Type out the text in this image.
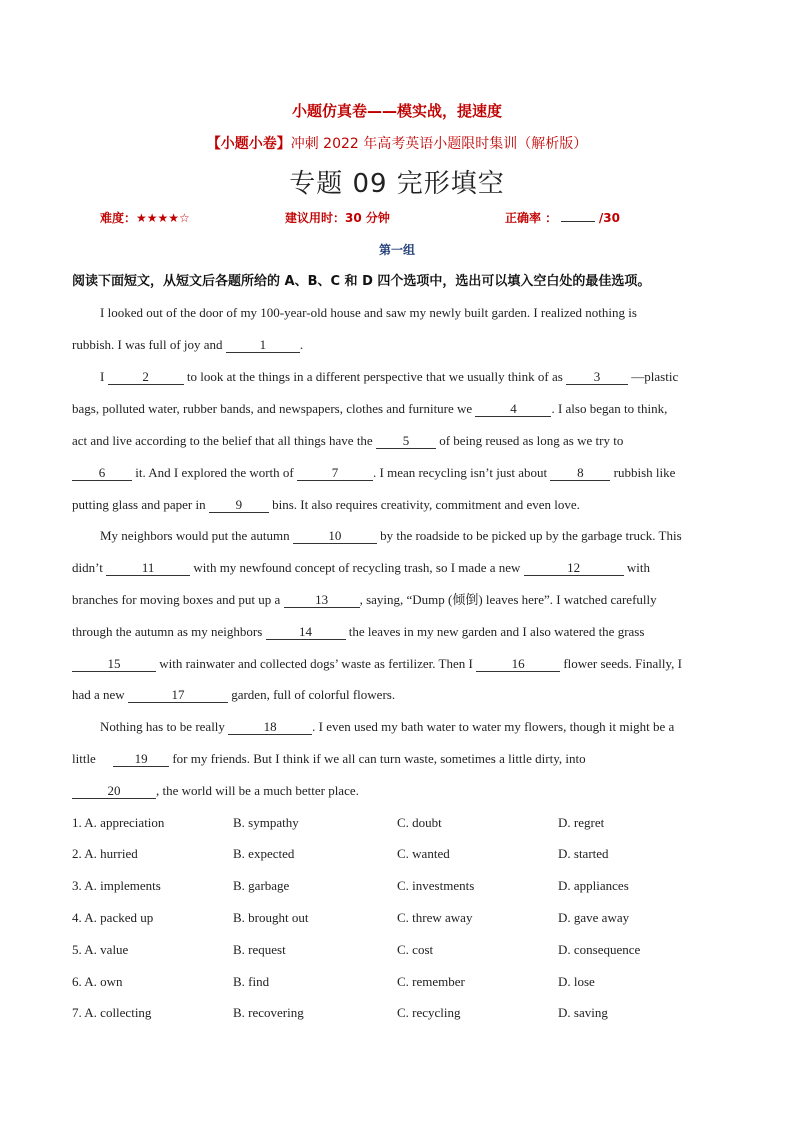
小题仿真卷——模实战，提速度
【小题小卷】冲刺 2022 年高考英语小题限时集训（解析版）
专题 09 完形填空
难度：★★★★☆	建议用时：30 分钟	正确率 ：	/30
第一组
阅读下面短文，从短文后各题所给的 A、B、C 和 D 四个选项中，选出可以填入空白处的最佳选项。
I looked out of the door of my 100-year-old house and saw my newly built garden. I realized nothing is
rubbish. I was full of joy and	1	.
I	2	to look at the things in a different perspective that we usually think of as 3 —plastic
bags, polluted water, rubber bands, and newspapers, clothes and furniture we	4	. I also began to think,
act and live according to the belief that all things have the 5 of being reused as long as we try to
6 it. And I explored the worth of	7	. I mean recycling isn’t just about 8 rubbish like
putting glass and paper in 9 bins. It also requires creativity, commitment and even love.
My neighbors would put the autumn	10	by the roadside to be picked up by the garbage truck. This
didn’t	11	with my newfound concept of recycling trash, so I made a new	12	with
branches for moving boxes and put up a 13 , saying, “Dump (倾倒) leaves here”. I watched carefully
through the autumn as my neighbors	14	the leaves in my new garden and I also watered the grass
15	with rainwater and collected dogs’ waste as fertilizer. Then I	16	flower seeds. Finally, I
had a new	17	garden, full of colorful flowers.
Nothing has to be really	18	. I even used my bath water to water my flowers, though it might be a
little	19 for my friends. But I think if we all can turn waste, sometimes a little dirty, into
20	, the world will be a much better place.
1. A. appreciation	B. sympathy	C. doubt	D. regret
2. A. hurried	B. expected	C. wanted	D. started
3. A. implements	B. garbage	C. investments	D. appliances
4. A. packed up	B. brought out	C. threw away	D. gave away
5. A. value	B. request	C. cost	D. consequence
6. A. own	B. find	C. remember	D. lose
7. A. collecting	B. recovering	C. recycling	D. saving
